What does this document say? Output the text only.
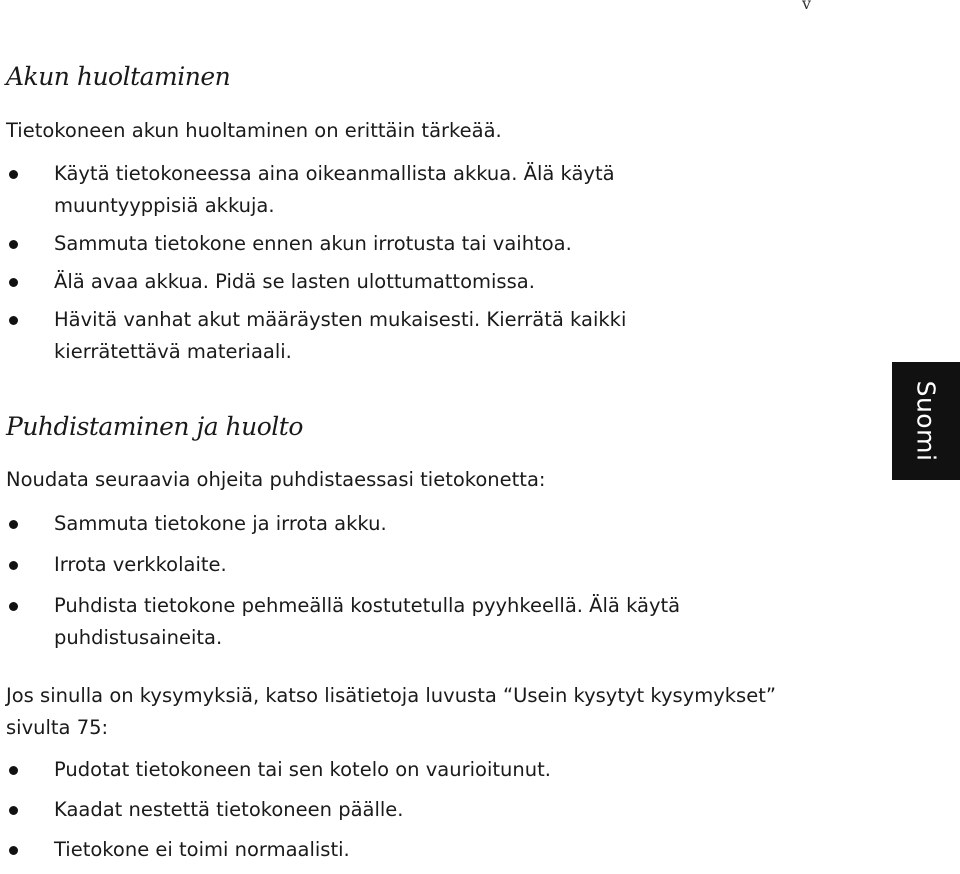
v
Akun huoltaminen

Tietokoneen akun huoltaminen on erittäin tärkeää.

Käytä tietokoneessa aina oikeanmallista akkua. Älä käytä muuntyyppisiä akkuja.
Sammuta tietokone ennen akun irrotusta tai vaihtoa.
Älä avaa akkua. Pidä se lasten ulottumattomissa.
Hävitä vanhat akut määräysten mukaisesti. Kierrätä kaikki kierrätettävä materiaali.
Puhdistaminen ja huolto

Noudata seuraavia ohjeita puhdistaessasi tietokonetta:

Sammuta tietokone ja irrota akku.
Irrota verkkolaite.
Puhdista tietokone pehmeällä kostutetulla pyyhkeellä. Älä käytä puhdistusaineita.

Jos sinulla on kysymyksiä, katso lisätietoja luvusta “Usein kysytyt kysymykset” sivulta 75:

Pudotat tietokoneen tai sen kotelo on vaurioitunut.
Kaadat nestettä tietokoneen päälle.
Tietokone ei toimi normaalisti.
Suomi
